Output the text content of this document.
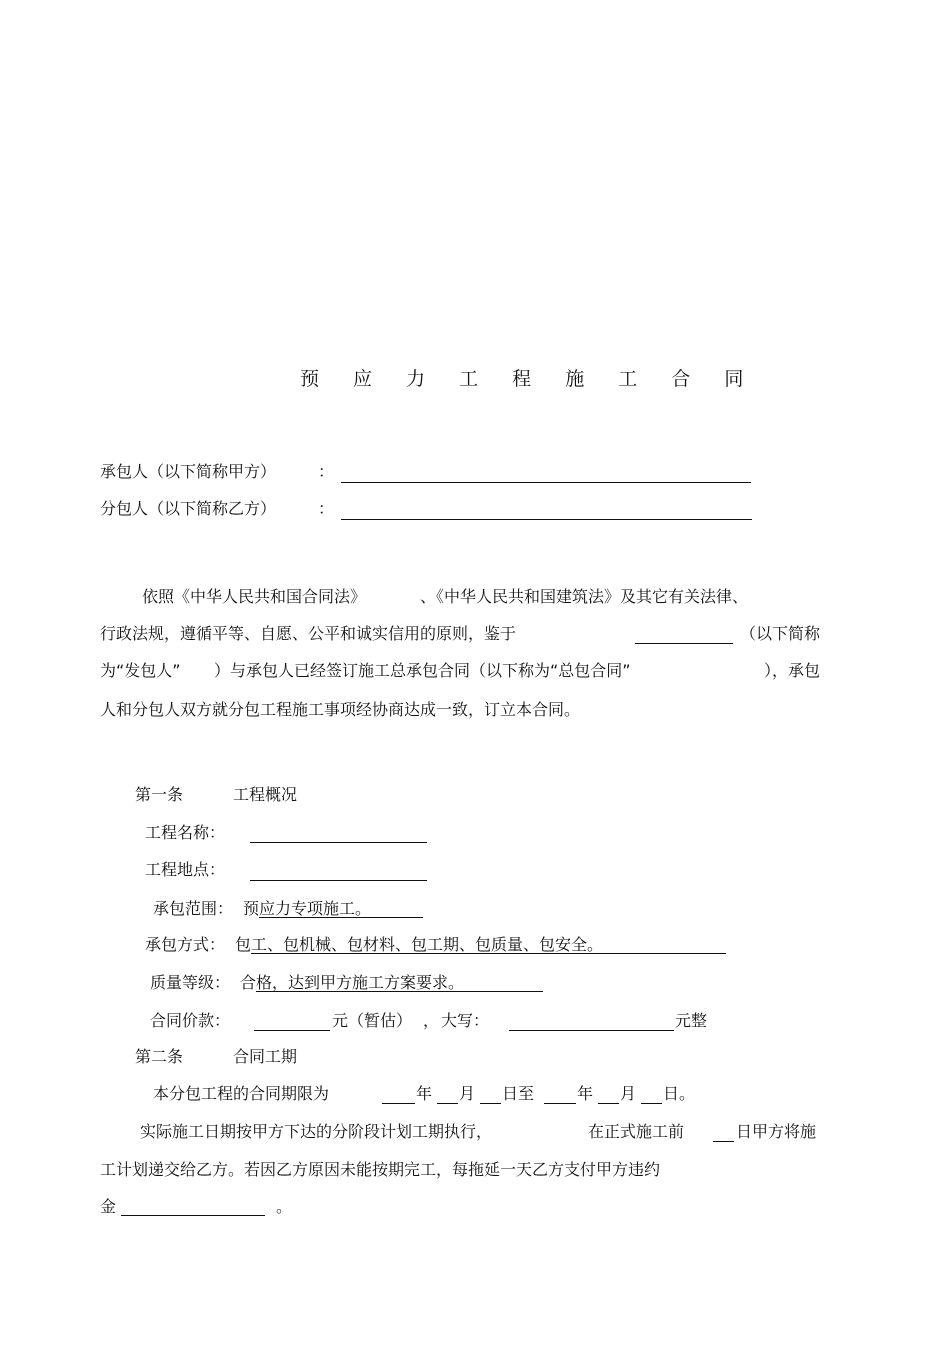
预 应 力 工 程 施 工 合 同
承包人（以下简称甲方）	：
分包人（以下简称乙方）	：
依照《中华人民共和国合同法》	、《中华人民共和国建筑法》及其它有关法律、
行政法规，遵循平等、自愿、公平和诚实信用的原则，鉴于	（以下简称
为“发包人” ）与承包人已经签订施工总承包合同（以下称为“总包合同”	），承包
人和分包人双方就分包工程施工事项经协商达成一致，订立本合同。
第一条	工程概况
工程名称：
工程地点：
承包范围： 预 应力专项施工。
承包方式： 包 工、包机械、包材料、包工期、包质量、包安全。
质量等级： 合 格，达到甲方施工方案要求。
合同价款：	元（暂估） ， 大写：	元整
第二条	合同工期
本分包工程的合同期限为	年 月 日至	年 月 日。
实际施工日期按甲方下达的分阶段计划工期执行，	在正式施工前	日甲方将施
工计划递交给乙方。若因乙方原因未能按期完工，每拖延一天乙方支付甲方违约
金	。
